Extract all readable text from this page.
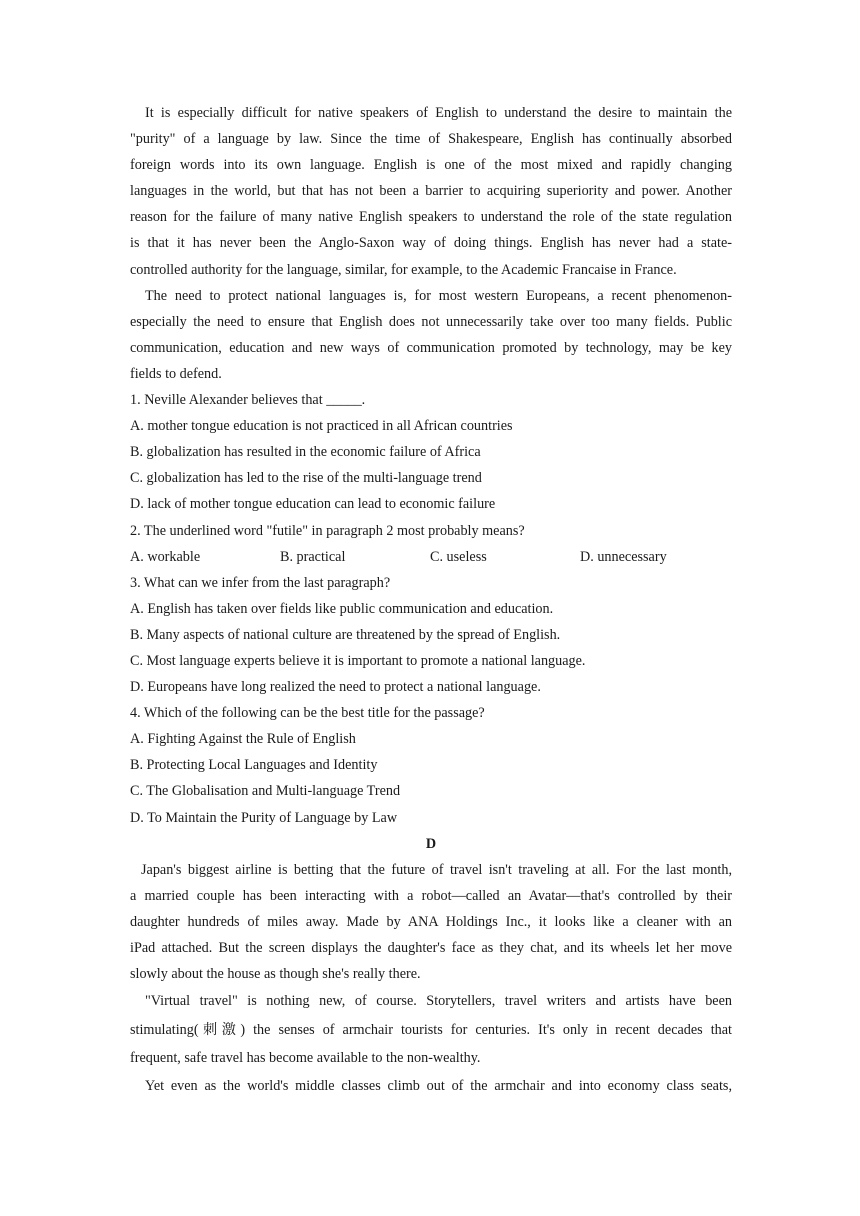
It is especially difficult for native speakers of English to understand the desire to maintain the
"purity" of a language by law. Since the time of Shakespeare, English has continually absorbed
foreign words into its own language. English is one of the most mixed and rapidly changing
languages in the world, but that has not been a barrier to acquiring superiority and power. Another
reason for the failure of many native English speakers to understand the role of the state regulation
is that it has never been the Anglo-Saxon way of doing things. English has never had a state-
controlled authority for the language, similar, for example, to the Academic Francaise in France.
The need to protect national languages is, for most western Europeans, a recent phenomenon-
especially the need to ensure that English does not unnecessarily take over too many fields. Public
communication, education and new ways of communication promoted by technology, may be key
fields to defend.
1. Neville Alexander believes that _____.
A. mother tongue education is not practiced in all African countries
B. globalization has resulted in the economic failure of Africa
C. globalization has led to the rise of the multi-language trend
D. lack of mother tongue education can lead to economic failure
2. The underlined word "futile" in paragraph 2 most probably means?
A. workable	B. practical	C. useless	D. unnecessary
3. What can we infer from the last paragraph?
A. English has taken over fields like public communication and education.
B. Many aspects of national culture are threatened by the spread of English.
C. Most language experts believe it is important to promote a national language.
D. Europeans have long realized the need to protect a national language.
4. Which of the following can be the best title for the passage?
A. Fighting Against the Rule of English
B. Protecting Local Languages and Identity
C. The Globalisation and Multi-language Trend
D. To Maintain the Purity of Language by Law
D
Japan's biggest airline is betting that the future of travel isn't traveling at all. For the last month,
a married couple has been interacting with a robot—called an Avatar—that's controlled by their
daughter hundreds of miles away. Made by ANA Holdings Inc., it looks like a cleaner with an
iPad attached. But the screen displays the daughter's face as they chat, and its wheels let her move
slowly about the house as though she's really there.
"Virtual travel" is nothing new, of course. Storytellers, travel writers and artists have been
stimulating(刺激) the senses of armchair tourists for centuries. It's only in recent decades that
frequent, safe travel has become available to the non-wealthy.
Yet even as the world's middle classes climb out of the armchair and into economy class seats,
